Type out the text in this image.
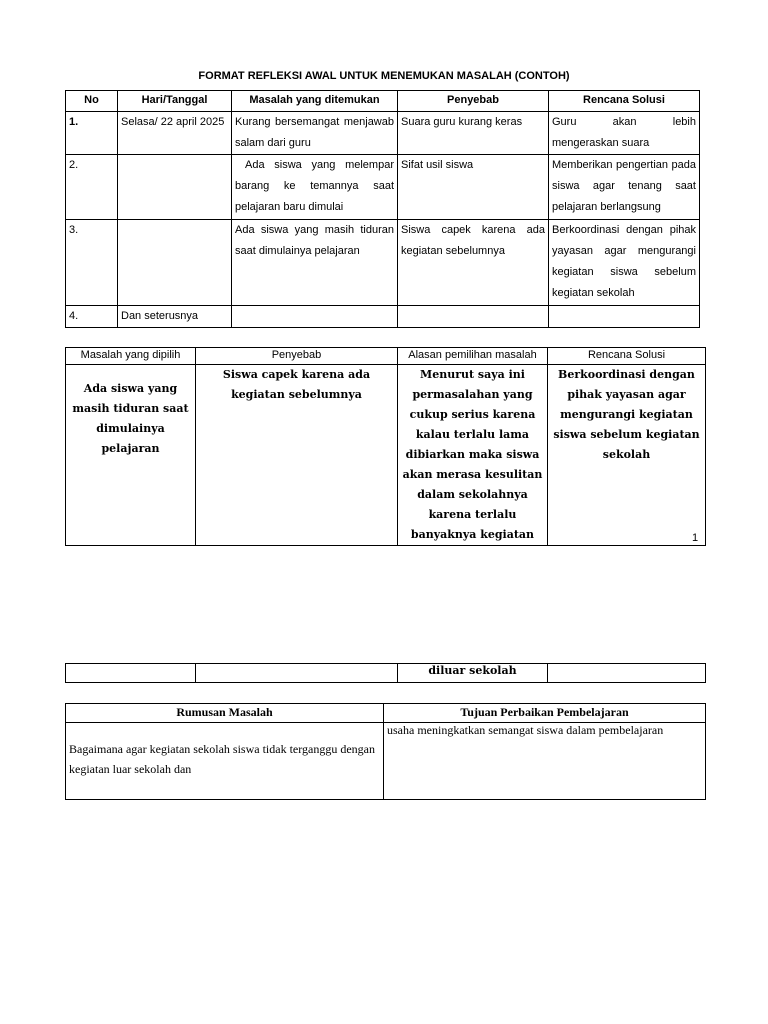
FORMAT REFLEKSI AWAL UNTUK MENEMUKAN MASALAH (CONTOH)
No	Hari/Tanggal	Masalah yang ditemukan	Penyebab	Rencana Solusi
1.	Selasa/ 22 april 2025	Kurang bersemangat menjawab salam dari guru	Suara guru kurang keras	Guru akan lebih mengeraskan suara
2.		Ada siswa yang melempar barang ke temannya saat pelajaran baru dimulai	Sifat usil siswa	Memberikan pengertian pada siswa agar tenang saat pelajaran berlangsung
3.		Ada siswa yang masih tiduran saat dimulainya pelajaran	Siswa capek karena ada kegiatan sebelumnya	Berkoordinasi dengan pihak yayasan agar mengurangi kegiatan siswa sebelum kegiatan sekolah
4.	Dan seterusnya			
Masalah yang dipilih	Penyebab	Alasan pemilihan masalah	Rencana Solusi
Ada siswa yang masih tiduran saat dimulainya pelajaran	Siswa capek karena ada kegiatan sebelumnya	Menurut saya ini permasalahan yang cukup serius karena kalau terlalu lama dibiarkan maka siswa akan merasa kesulitan dalam sekolahnya karena terlalu banyaknya kegiatan	Berkoordinasi dengan pihak yayasan agar mengurangi kegiatan siswa sebelum kegiatan sekolah
1
		diluar sekolah	
Rumusan Masalah	Tujuan Perbaikan Pembelajaran
Bagaimana agar kegiatan sekolah siswa tidak terganggu dengan kegiatan luar sekolah dan	usaha meningkatkan semangat siswa dalam pembelajaran
